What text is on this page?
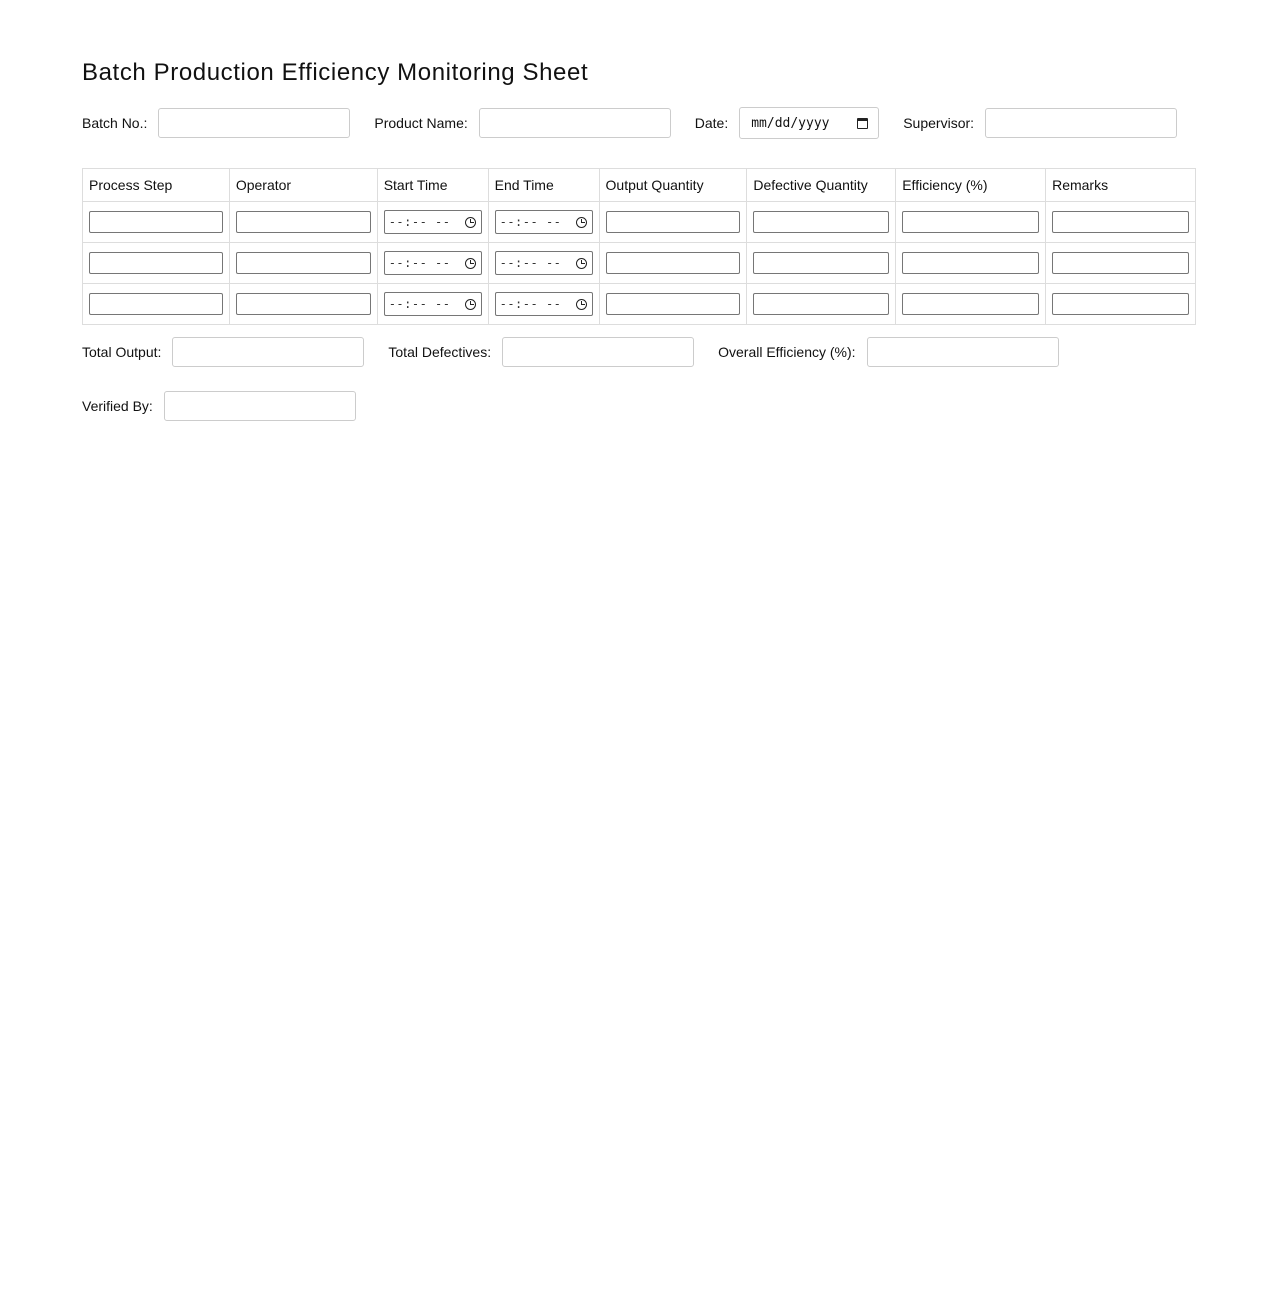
Batch Production Efficiency Monitoring Sheet
Batch No.:	Product Name:	Date: mm/dd/yyyy	Supervisor:
Process Step	Operator	Start Time	End Time	Output Quantity	Defective Quantity	Efficiency (%)	Remarks

		--:-- --	--:-- --				

		--:-- --	--:-- --				

		--:-- --	--:-- --				

Total Output:	Total Defectives:	Overall Efficiency (%):
Verified By:
